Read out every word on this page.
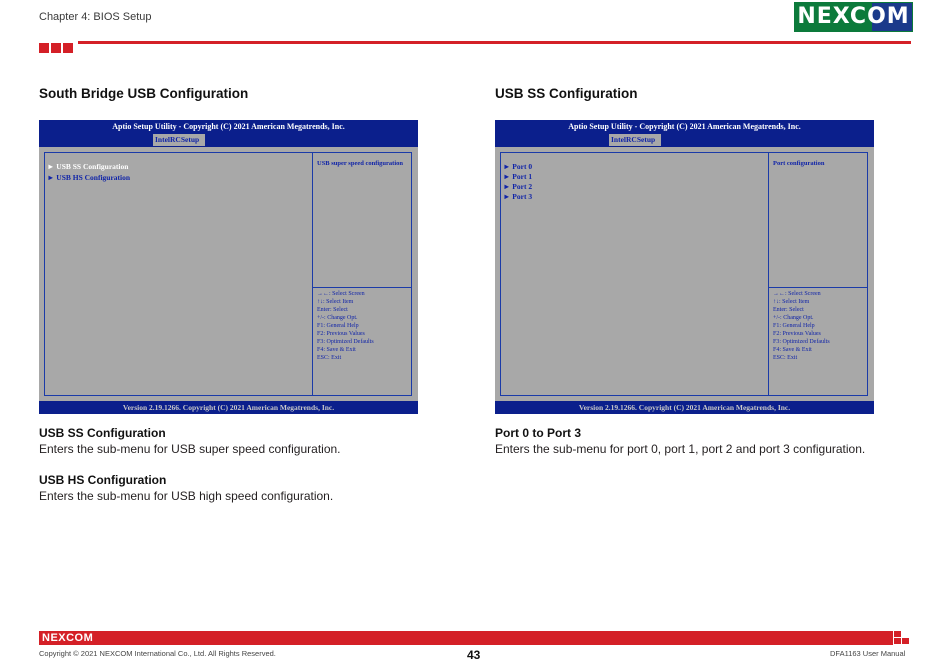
Chapter 4: BIOS Setup	NEXCOM
South Bridge USB Configuration
Aptio Setup Utility - Copyright (C) 2021 American Megatrends, Inc.
IntelRCSetup
► USB SS Configuration
► USB HS Configuration
USB super speed configuration
→←: Select Screen
↑↓: Select Item
Enter: Select
+/-: Change Opt.
F1: General Help
F2: Previous Values
F3: Optimized Defaults
F4: Save & Exit
ESC: Exit
Version 2.19.1266. Copyright (C) 2021 American Megatrends, Inc.
USB SS Configuration
Enters the sub-menu for USB super speed configuration.
USB HS Configuration
Enters the sub-menu for USB high speed configuration.
USB SS Configuration
Aptio Setup Utility - Copyright (C) 2021 American Megatrends, Inc.
IntelRCSetup
► Port 0
► Port 1
► Port 2
► Port 3
Port configuration
→←: Select Screen
↑↓: Select Item
Enter: Select
+/-: Change Opt.
F1: General Help
F2: Previous Values
F3: Optimized Defaults
F4: Save & Exit
ESC: Exit
Version 2.19.1266. Copyright (C) 2021 American Megatrends, Inc.
Port 0 to Port 3
Enters the sub-menu for port 0, port 1, port 2 and port 3 configuration.
NEXCOM
Copyright © 2021 NEXCOM International Co., Ltd. All Rights Reserved.	43	DFA1163 User Manual
